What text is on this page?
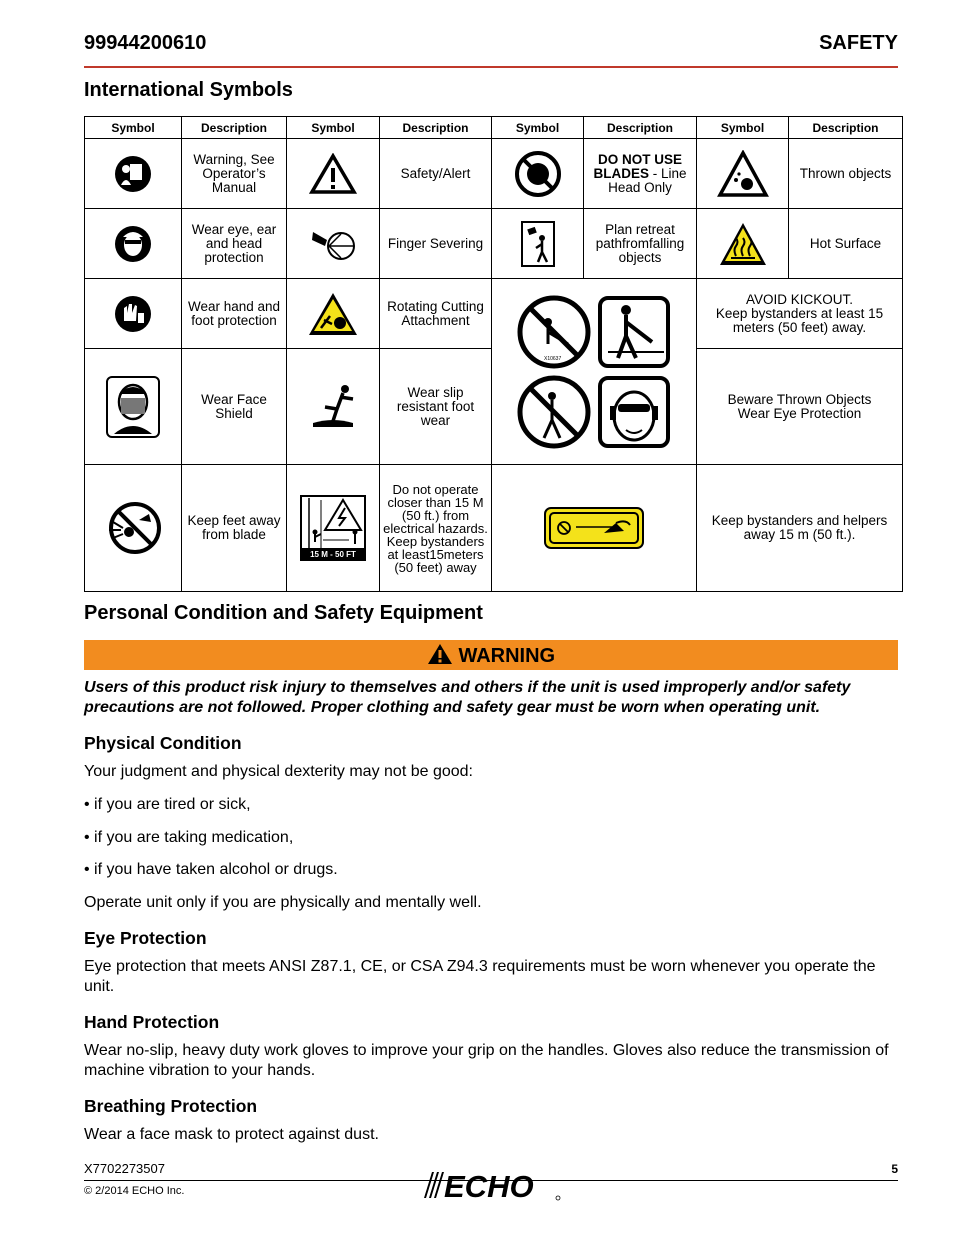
99944200610	SAFETY
International Symbols
Symbol	Description	Symbol	Description	Symbol	Description	Symbol	Description

	Warning, See Operator’s Manual		Safety/Alert		DO NOT USE BLADES - Line Head Only		Thrown objects

	Wear eye, ear and head protection		Finger Severing		Plan retreat pathfromfalling objects		Hot Surface

	Wear hand and foot protection		Rotating Cutting Attachment	X10637		AVOID KICKOUT.
Keep bystanders at least 15 meters (50 feet) away.	

	Wear Face Shield		Wear slip resistant foot wear			Beware Thrown Objects
Wear Eye Protection	

	Keep feet away from blade	15 M - 50 FT	Do not operate closer than 15 M (50 ft.) from electrical hazards. Keep bystanders at least15meters (50 feet) away			Keep bystanders and helpers away 15 m (50 ft.).	
Personal Condition and Safety Equipment
WARNING

Users of this product risk injury to themselves and others if the unit is used improperly and/or safety precautions are not followed. Proper clothing and safety gear must be worn when operating unit.

Physical Condition

Your judgment and physical dexterity may not be good:

• if you are tired or sick,

• if you are taking medication,

• if you have taken alcohol or drugs.

Operate unit only if you are physically and mentally well.

Eye Protection

Eye protection that meets ANSI Z87.1, CE, or CSA Z94.3 requirements must be worn whenever you operate the unit.

Hand Protection

Wear no-slip, heavy duty work gloves to improve your grip on the handles. Gloves also reduce the transmission of machine vibration to your hands.

Breathing Protection

Wear a face mask to protect against dust.

X7702273507	5
© 2/2014 ECHO Inc.	ECHO
